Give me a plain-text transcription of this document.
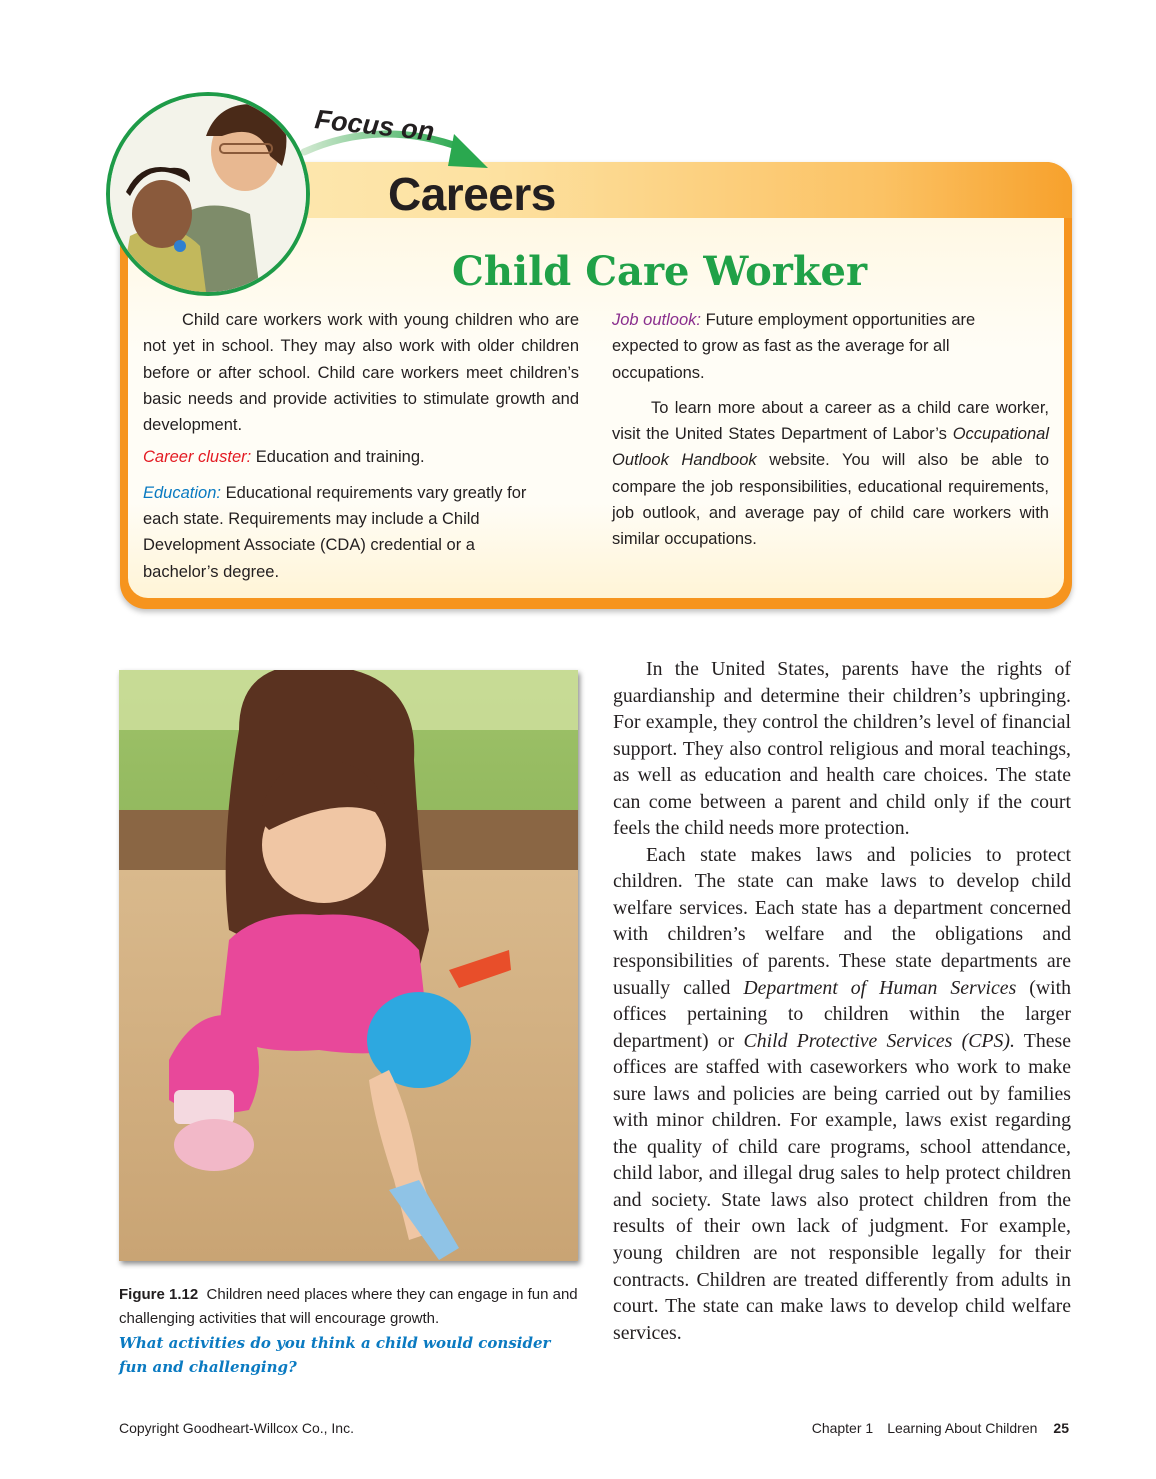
Focus on
Careers
Child Care Worker

Child care workers work with young children who are not yet in school. They may also work with older children before or after school. Child care workers meet children’s basic needs and provide activities to stimulate growth and development.

Career cluster: Education and training.

Education: Educational requirements vary greatly for each state. Requirements may include a Child Development Associate (CDA) credential or a bachelor’s degree.

Job outlook: Future employment opportunities are expected to grow as fast as the average for all occupations.

To learn more about a career as a child care worker, visit the United States Department of Labor’s Occupational Outlook Handbook website. You will also be able to compare the job responsibilities, educational requirements, job outlook, and average pay of child care workers with similar occupations.

Figure 1.12 Children need places where they can engage in fun and challenging activities that will encourage growth.

What activities do you think a child would consider fun and challenging?

In the United States, parents have the rights of guardianship and determine their children’s upbringing. For example, they control the children’s level of financial support. They also control religious and moral teachings, as well as education and health care choices. The state can come between a parent and child only if the court feels the child needs more protection.

Each state makes laws and policies to protect children. The state can make laws to develop child welfare services. Each state has a department concerned with children’s welfare and the obligations and responsibilities of parents. These state departments are usually called Department of Human Services (with offices pertaining to children within the larger department) or Child Protective Services (CPS). These offices are staffed with caseworkers who work to make sure laws and policies are being carried out by families with minor children. For example, laws exist regarding the quality of child care programs, school attendance, child labor, and illegal drug sales to help protect children and society. State laws also protect children from the results of their own lack of judgment. For example, young children are not responsible legally for their contracts. Children are treated differently from adults in court. The state can make laws to develop child welfare services.

Copyright Goodheart-Willcox Co., Inc.	Chapter 1 Learning About Children 25
